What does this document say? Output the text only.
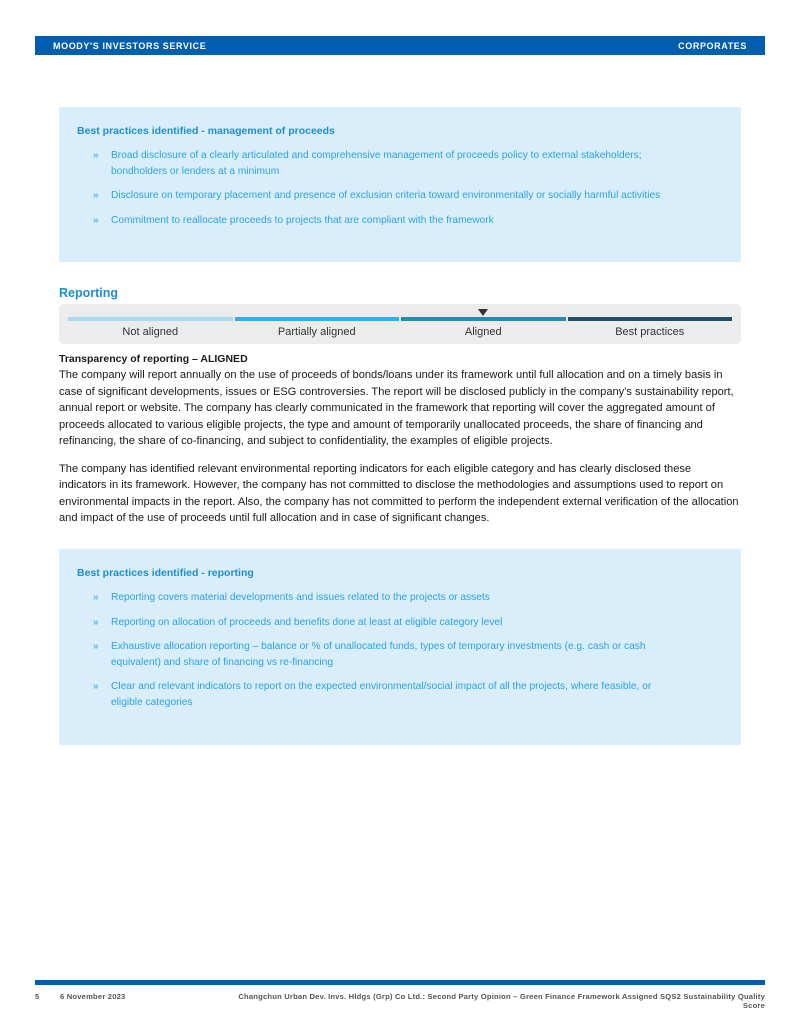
MOODY'S INVESTORS SERVICE	CORPORATES
Best practices identified - management of proceeds
»	Broad disclosure of a clearly articulated and comprehensive management of proceeds policy to external stakeholders; bondholders or lenders at a minimum
»	Disclosure on temporary placement and presence of exclusion criteria toward environmentally or socially harmful activities
»	Commitment to reallocate proceeds to projects that are compliant with the framework
Reporting
Not aligned	Partially aligned	Aligned	Best practices
Transparency of reporting – ALIGNED
The company will report annually on the use of proceeds of bonds/loans under its framework until full allocation and on a timely basis in case of significant developments, issues or ESG controversies. The report will be disclosed publicly in the company's sustainability report, annual report or website. The company has clearly communicated in the framework that reporting will cover the aggregated amount of proceeds allocated to various eligible projects, the type and amount of temporarily unallocated proceeds, the share of financing and refinancing, the share of co-financing, and subject to confidentiality, the examples of eligible projects.
The company has identified relevant environmental reporting indicators for each eligible category and has clearly disclosed these indicators in its framework. However, the company has not committed to disclose the methodologies and assumptions used to report on environmental impacts in the report. Also, the company has not committed to perform the independent external verification of the allocation and impact of the use of proceeds until full allocation and in case of significant changes.
Best practices identified - reporting
»	Reporting covers material developments and issues related to the projects or assets
»	Reporting on allocation of proceeds and benefits done at least at eligible category level
»	Exhaustive allocation reporting – balance or % of unallocated funds, types of temporary investments (e.g. cash or cash equivalent) and share of financing vs re-financing
»	Clear and relevant indicators to report on the expected environmental/social impact of all the projects, where feasible, or eligible categories
5	6 November 2023	Changchun Urban Dev. Invs. Hldgs (Grp) Co Ltd.: Second Party Opinion – Green Finance Framework Assigned SQS2 Sustainability Quality Score
